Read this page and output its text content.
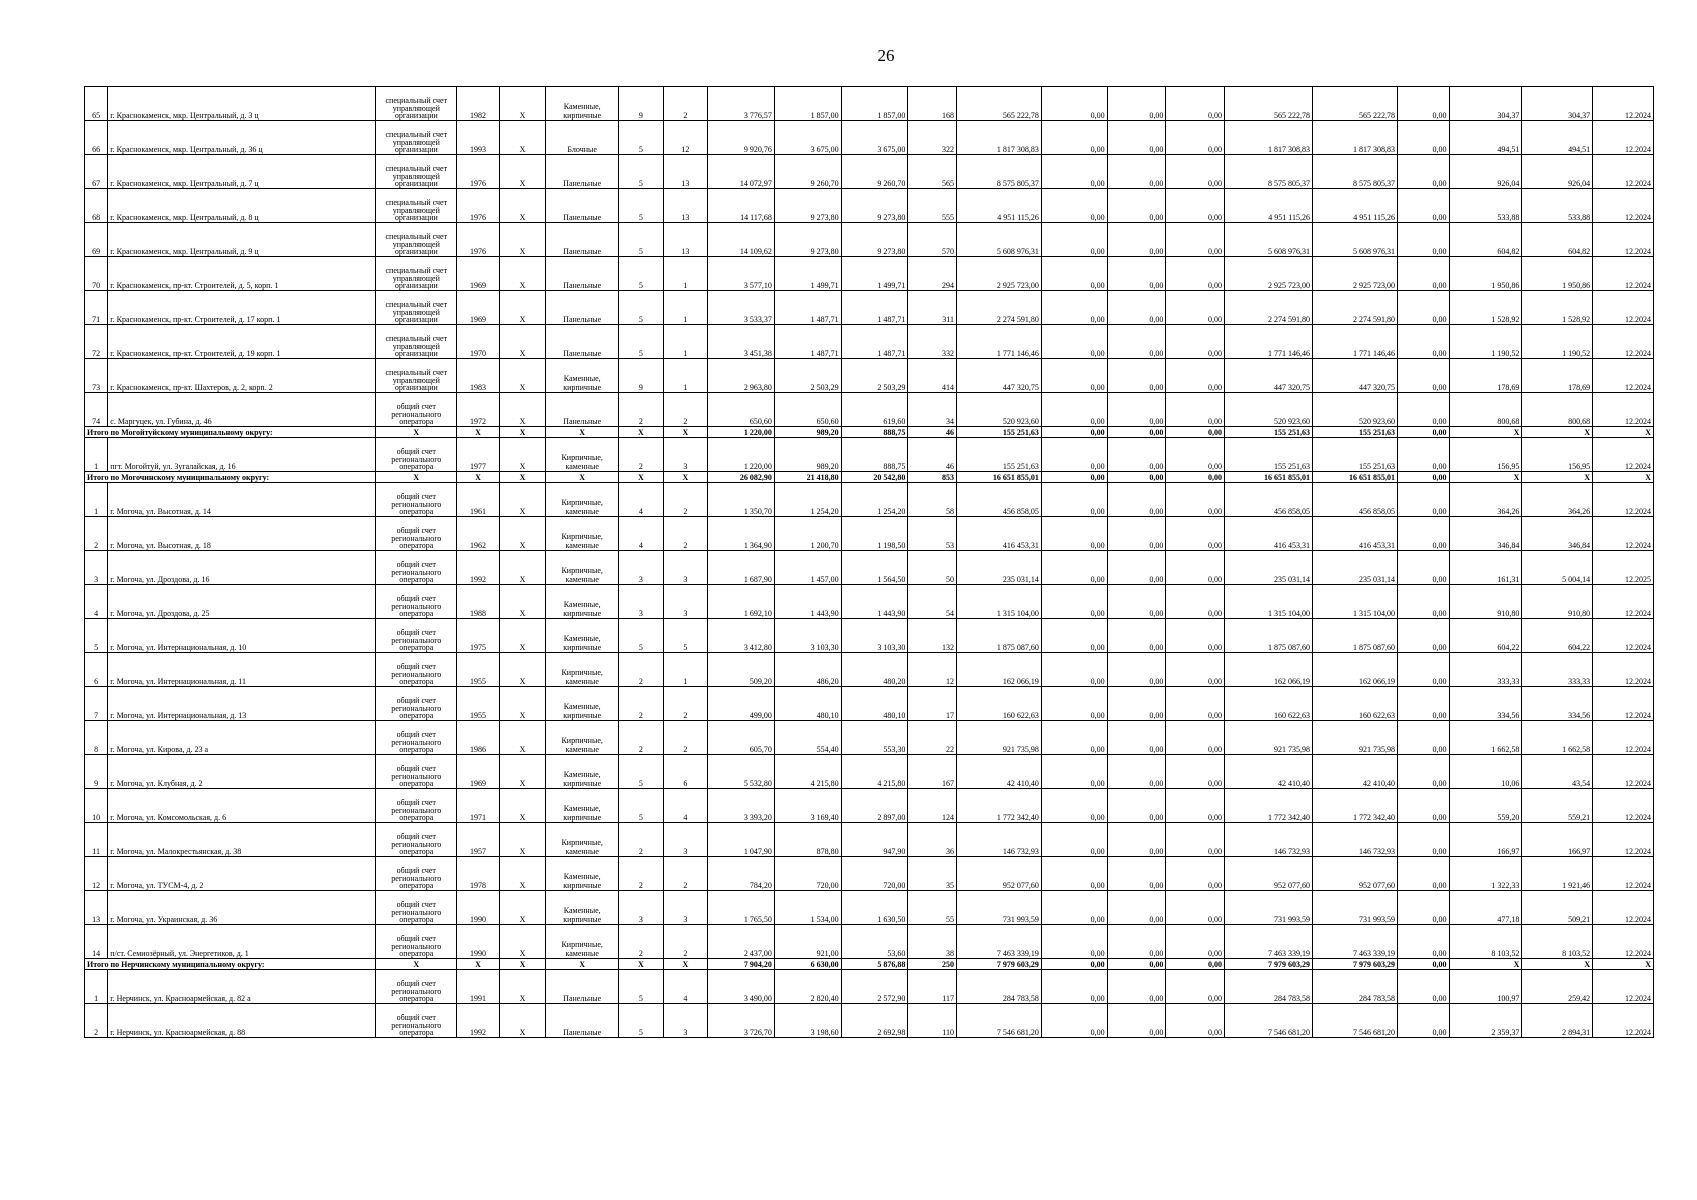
26
65	г. Краснокаменск, мкр. Центральный, д. 3 ц	специальный счет управляющей организации	1982	X	Каменные, кирпичные	9	2	3 776,57	1 857,00	1 857,00	168	565 222,78	0,00	0,00	0,00	565 222,78	565 222,78	0,00	304,37	304,37	12.2024
66	г. Краснокаменск, мкр. Центральный, д. 36 ц	специальный счет управляющей организации	1993	X	Блочные	5	12	9 920,76	3 675,00	3 675,00	322	1 817 308,83	0,00	0,00	0,00	1 817 308,83	1 817 308,83	0,00	494,51	494,51	12.2024
67	г. Краснокаменск, мкр. Центральный, д. 7 ц	специальный счет управляющей организации	1976	X	Панельные	5	13	14 072,97	9 260,70	9 260,70	565	8 575 805,37	0,00	0,00	0,00	8 575 805,37	8 575 805,37	0,00	926,04	926,04	12.2024
68	г. Краснокаменск, мкр. Центральный, д. 8 ц	специальный счет управляющей организации	1976	X	Панельные	5	13	14 117,68	9 273,80	9 273,80	555	4 951 115,26	0,00	0,00	0,00	4 951 115,26	4 951 115,26	0,00	533,88	533,88	12.2024
69	г. Краснокаменск, мкр. Центральный, д. 9 ц	специальный счет управляющей организации	1976	X	Панельные	5	13	14 109,62	9 273,80	9 273,80	570	5 608 976,31	0,00	0,00	0,00	5 608 976,31	5 608 976,31	0,00	604,82	604,82	12.2024
70	г. Краснокаменск, пр-кт. Строителей, д. 5, корп. 1	специальный счет управляющей организации	1969	X	Панельные	5	1	3 577,10	1 499,71	1 499,71	294	2 925 723,00	0,00	0,00	0,00	2 925 723,00	2 925 723,00	0,00	1 950,86	1 950,86	12.2024
71	г. Краснокаменск, пр-кт. Строителей, д. 17 корп. 1	специальный счет управляющей организации	1969	X	Панельные	5	1	3 533,37	1 487,71	1 487,71	311	2 274 591,80	0,00	0,00	0,00	2 274 591,80	2 274 591,80	0,00	1 528,92	1 528,92	12.2024
72	г. Краснокаменск, пр-кт. Строителей, д. 19 корп. 1	специальный счет управляющей организации	1970	X	Панельные	5	1	3 451,38	1 487,71	1 487,71	332	1 771 146,46	0,00	0,00	0,00	1 771 146,46	1 771 146,46	0,00	1 190,52	1 190,52	12.2024
73	г. Краснокаменск, пр-кт. Шахтеров, д. 2, корп. 2	специальный счет управляющей организации	1983	X	Каменные, кирпичные	9	1	2 963,80	2 503,29	2 503,29	414	447 320,75	0,00	0,00	0,00	447 320,75	447 320,75	0,00	178,69	178,69	12.2024
74	с. Маргуцек, ул. Губина, д. 46	общий счет регионального оператора	1972	X	Панельные	2	2	650,60	650,60	619,60	34	520 923,60	0,00	0,00	0,00	520 923,60	520 923,60	0,00	800,68	800,68	12.2024
Итого по Могойтуйскому муниципальному округу:		X	X	X	X	X	X	1 220,00	989,20	888,75	46	155 251,63	0,00	0,00	0,00	155 251,63	155 251,63	0,00	X	X	X
1	пгт. Могойтуй, ул. Зугалайская, д. 16	общий счет регионального оператора	1977	X	Кирпичные, каменные	2	3	1 220,00	989,20	888,75	46	155 251,63	0,00	0,00	0,00	155 251,63	155 251,63	0,00	156,95	156,95	12.2024
Итого по Могочинскому муниципальному округу:		X	X	X	X	X	X	26 082,90	21 418,80	20 542,80	853	16 651 855,01	0,00	0,00	0,00	16 651 855,01	16 651 855,01	0,00	X	X	X
1	г. Могоча, ул. Высотная, д. 14	общий счет регионального оператора	1961	X	Кирпичные, каменные	4	2	1 350,70	1 254,20	1 254,20	58	456 858,05	0,00	0,00	0,00	456 858,05	456 858,05	0,00	364,26	364,26	12.2024
2	г. Могоча, ул. Высотная, д. 18	общий счет регионального оператора	1962	X	Кирпичные, каменные	4	2	1 364,90	1 200,70	1 198,50	53	416 453,31	0,00	0,00	0,00	416 453,31	416 453,31	0,00	346,84	346,84	12.2024
3	г. Могоча, ул. Дроздова, д. 16	общий счет регионального оператора	1992	X	Кирпичные, каменные	3	3	1 687,90	1 457,00	1 564,50	50	235 031,14	0,00	0,00	0,00	235 031,14	235 031,14	0,00	161,31	5 004,14	12.2025
4	г. Могоча, ул. Дроздова, д. 25	общий счет регионального оператора	1988	X	Каменные, кирпичные	3	3	1 692,10	1 443,90	1 443,90	54	1 315 104,00	0,00	0,00	0,00	1 315 104,00	1 315 104,00	0,00	910,80	910,80	12.2024
5	г. Могоча, ул. Интернациональная, д. 10	общий счет регионального оператора	1975	X	Каменные, кирпичные	5	5	3 412,80	3 103,30	3 103,30	132	1 875 087,60	0,00	0,00	0,00	1 875 087,60	1 875 087,60	0,00	604,22	604,22	12.2024
6	г. Могоча, ул. Интернациональная, д. 11	общий счет регионального оператора	1955	X	Кирпичные, каменные	2	1	509,20	486,20	480,20	12	162 066,19	0,00	0,00	0,00	162 066,19	162 066,19	0,00	333,33	333,33	12.2024
7	г. Могоча, ул. Интернациональная, д. 13	общий счет регионального оператора	1955	X	Каменные, кирпичные	2	2	499,00	480,10	480,10	17	160 622,63	0,00	0,00	0,00	160 622,63	160 622,63	0,00	334,56	334,56	12.2024
8	г. Могоча, ул. Кирова, д. 23 а	общий счет регионального оператора	1986	X	Кирпичные, каменные	2	2	605,70	554,40	553,30	22	921 735,98	0,00	0,00	0,00	921 735,98	921 735,98	0,00	1 662,58	1 662,58	12.2024
9	г. Могоча, ул. Клубная, д. 2	общий счет регионального оператора	1969	X	Каменные, кирпичные	5	6	5 532,80	4 215,80	4 215,80	167	42 410,40	0,00	0,00	0,00	42 410,40	42 410,40	0,00	10,06	43,54	12.2024
10	г. Могоча, ул. Комсомольская, д. 6	общий счет регионального оператора	1971	X	Каменные, кирпичные	5	4	3 393,20	3 169,40	2 897,00	124	1 772 342,40	0,00	0,00	0,00	1 772 342,40	1 772 342,40	0,00	559,20	559,21	12.2024
11	г. Могоча, ул. Малокрестьянская, д. 38	общий счет регионального оператора	1957	X	Кирпичные, каменные	2	3	1 047,90	878,80	947,90	36	146 732,93	0,00	0,00	0,00	146 732,93	146 732,93	0,00	166,97	166,97	12.2024
12	г. Могоча, ул. ТУСМ-4, д. 2	общий счет регионального оператора	1978	X	Каменные, кирпичные	2	2	784,20	720,00	720,00	35	952 077,60	0,00	0,00	0,00	952 077,60	952 077,60	0,00	1 322,33	1 921,46	12.2024
13	г. Могоча, ул. Украинская, д. 36	общий счет регионального оператора	1990	X	Каменные, кирпичные	3	3	1 765,50	1 534,00	1 630,50	55	731 993,59	0,00	0,00	0,00	731 993,59	731 993,59	0,00	477,18	509,21	12.2024
14	п/ст. Семиозёрный, ул. Энергетиков, д. 1	общий счет регионального оператора	1990	X	Кирпичные, каменные	2	2	2 437,00	921,00	53,60	38	7 463 339,19	0,00	0,00	0,00	7 463 339,19	7 463 339,19	0,00	8 103,52	8 103,52	12.2024
Итого по Нерчинскому муниципальному округу:		X	X	X	X	X	X	7 904,20	6 630,00	5 876,88	250	7 979 603,29	0,00	0,00	0,00	7 979 603,29	7 979 603,29	0,00	X	X	X
1	г. Нерчинск, ул. Красноармейская, д. 82 а	общий счет регионального оператора	1991	X	Панельные	5	4	3 490,00	2 820,40	2 572,90	117	284 783,58	0,00	0,00	0,00	284 783,58	284 783,58	0,00	100,97	259,42	12.2024
2	г. Нерчинск, ул. Красноармейская, д. 88	общий счет регионального оператора	1992	X	Панельные	5	3	3 726,70	3 198,60	2 692,98	110	7 546 681,20	0,00	0,00	0,00	7 546 681,20	7 546 681,20	0,00	2 359,37	2 894,31	12.2024
